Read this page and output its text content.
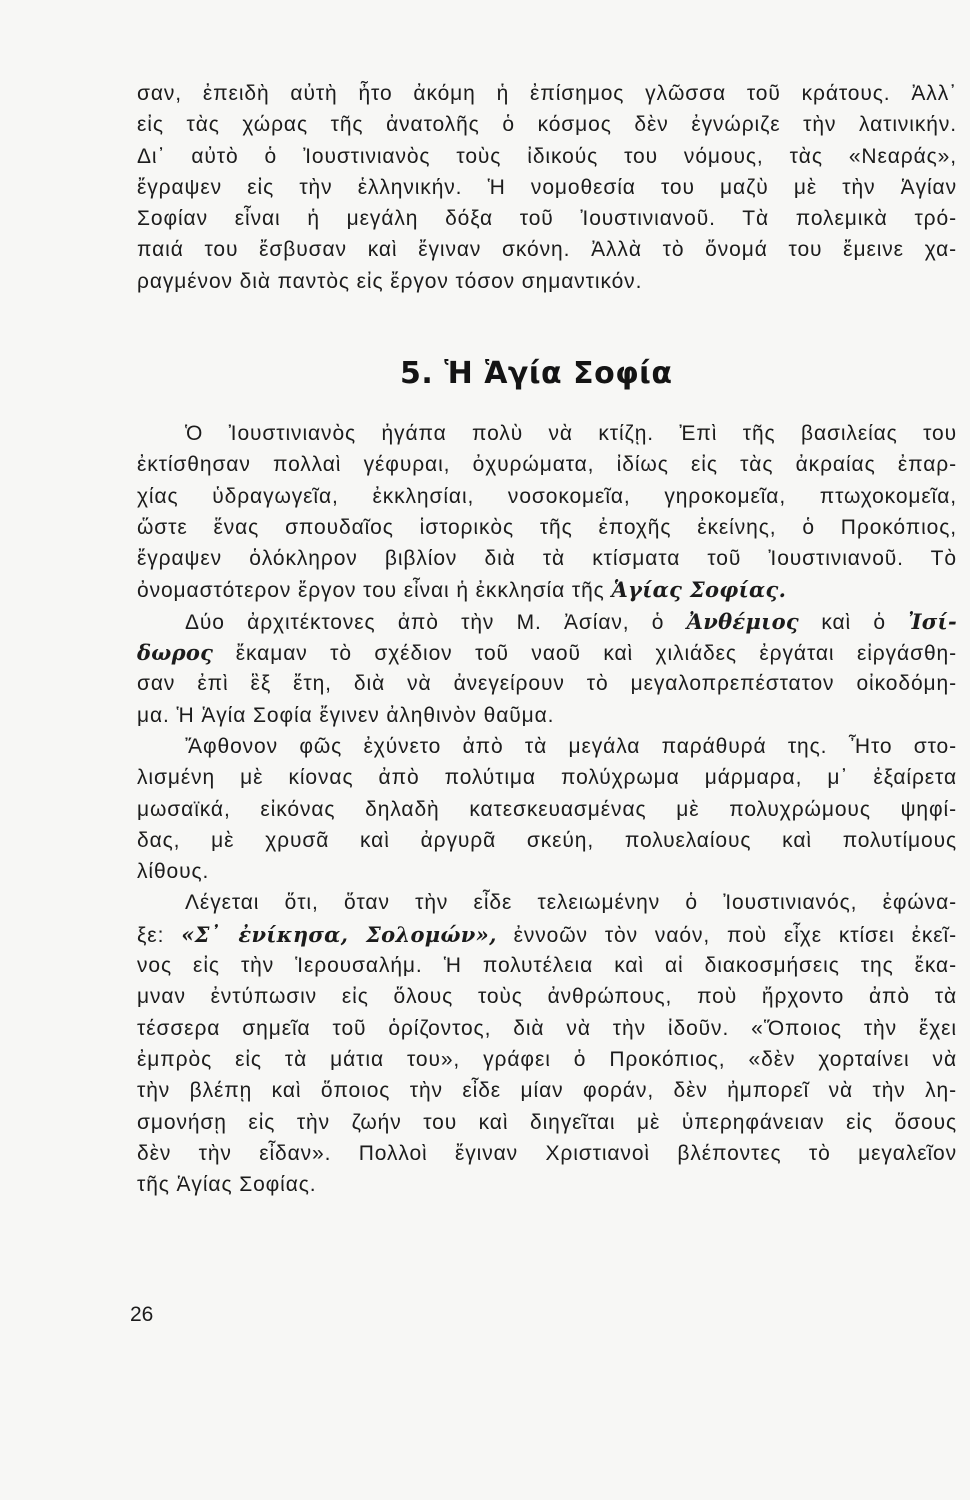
σαν, ἐπειδὴ αὐτὴ ἦτο ἀκόμη ἡ ἐπίσημος γλῶσσα τοῦ κράτους. Ἀλλ᾽
εἰς τὰς χώρας τῆς ἀνατολῆς ὁ κόσμος δὲν ἐγνώριζε τὴν λατινικήν.
Δι᾽ αὐτὸ ὁ Ἰουστινιανὸς τοὺς ἰδικούς του νόμους, τὰς «Νεαράς»,
ἔγραψεν εἰς τὴν ἑλληνικήν. Ἡ νομοθεσία του μαζὺ μὲ τὴν Ἁγίαν
Σοφίαν εἶναι ἡ μεγάλη δόξα τοῦ Ἰουστινιανοῦ. Τὰ πολεμικὰ τρό-
παιά του ἔσβυσαν καὶ ἔγιναν σκόνη. Ἀλλὰ τὸ ὄνομά του ἔμεινε χα-
ραγμένον διὰ παντὸς εἰς ἔργον τόσον σημαντικόν.
5. Ἡ Ἁγία Σοφία
Ὁ Ἰουστινιανὸς ἠγάπα πολὺ νὰ κτίζῃ. Ἐπὶ τῆς βασιλείας του
ἐκτίσθησαν πολλαὶ γέφυραι, ὀχυρώματα, ἰδίως εἰς τὰς ἀκραίας ἐπαρ-
χίας ὑδραγωγεῖα, ἐκκλησίαι, νοσοκομεῖα, γηροκομεῖα, πτωχοκομεῖα,
ὥστε ἕνας σπουδαῖος ἱστορικὸς τῆς ἐποχῆς ἐκείνης, ὁ Προκόπιος,
ἔγραψεν ὁλόκληρον βιβλίον διὰ τὰ κτίσματα τοῦ Ἰουστινιανοῦ. Τὸ
ὀνομαστότερον ἔργον του εἶναι ἡ ἐκκλησία τῆς Ἁγίας Σοφίας.
Δύο ἀρχιτέκτονες ἀπὸ τὴν Μ. Ἀσίαν, ὁ Ἀνθέμιος καὶ ὁ Ἰσί-
δωρος ἔκαμαν τὸ σχέδιον τοῦ ναοῦ καὶ χιλιάδες ἐργάται εἰργάσθη-
σαν ἐπὶ ἓξ ἔτη, διὰ νὰ ἀνεγείρουν τὸ μεγαλοπρεπέστατον οἰκοδόμη-
μα. Ἡ Ἁγία Σοφία ἔγινεν ἀληθινὸν θαῦμα.
Ἄφθονον φῶς ἐχύνετο ἀπὸ τὰ μεγάλα παράθυρά της. Ἦτο στο-
λισμένη μὲ κίονας ἀπὸ πολύτιμα πολύχρωμα μάρμαρα, μ᾽ ἐξαίρετα
μωσαϊκά, εἰκόνας δηλαδὴ κατεσκευασμένας μὲ πολυχρώμους ψηφί-
δας, μὲ χρυσᾶ καὶ ἀργυρᾶ σκεύη, πολυελαίους καὶ πολυτίμους
λίθους.
Λέγεται ὅτι, ὅταν τὴν εἶδε τελειωμένην ὁ Ἰουστινιανός, ἐφώνα-
ξε: «Σ᾽ ἐνίκησα, Σολομών», ἐννοῶν τὸν ναόν, ποὺ εἶχε κτίσει ἐκεῖ-
νος εἰς τὴν Ἱερουσαλήμ. Ἡ πολυτέλεια καὶ αἱ διακοσμήσεις της ἔκα-
μναν ἐντύπωσιν εἰς ὅλους τοὺς ἀνθρώπους, ποὺ ἤρχοντο ἀπὸ τὰ
τέσσερα σημεῖα τοῦ ὁρίζοντος, διὰ νὰ τὴν ἰδοῦν. «Ὅποιος τὴν ἔχει
ἐμπρὸς εἰς τὰ μάτια του», γράφει ὁ Προκόπιος, «δὲν χορταίνει νὰ
τὴν βλέπῃ καὶ ὅποιος τὴν εἶδε μίαν φοράν, δὲν ἠμπορεῖ νὰ τὴν λη-
σμονήσῃ εἰς τὴν ζωήν του καὶ διηγεῖται μὲ ὑπερηφάνειαν εἰς ὅσους
δὲν τὴν εἶδαν». Πολλοὶ ἔγιναν Χριστιανοὶ βλέποντες τὸ μεγαλεῖον
τῆς Ἁγίας Σοφίας.
26
